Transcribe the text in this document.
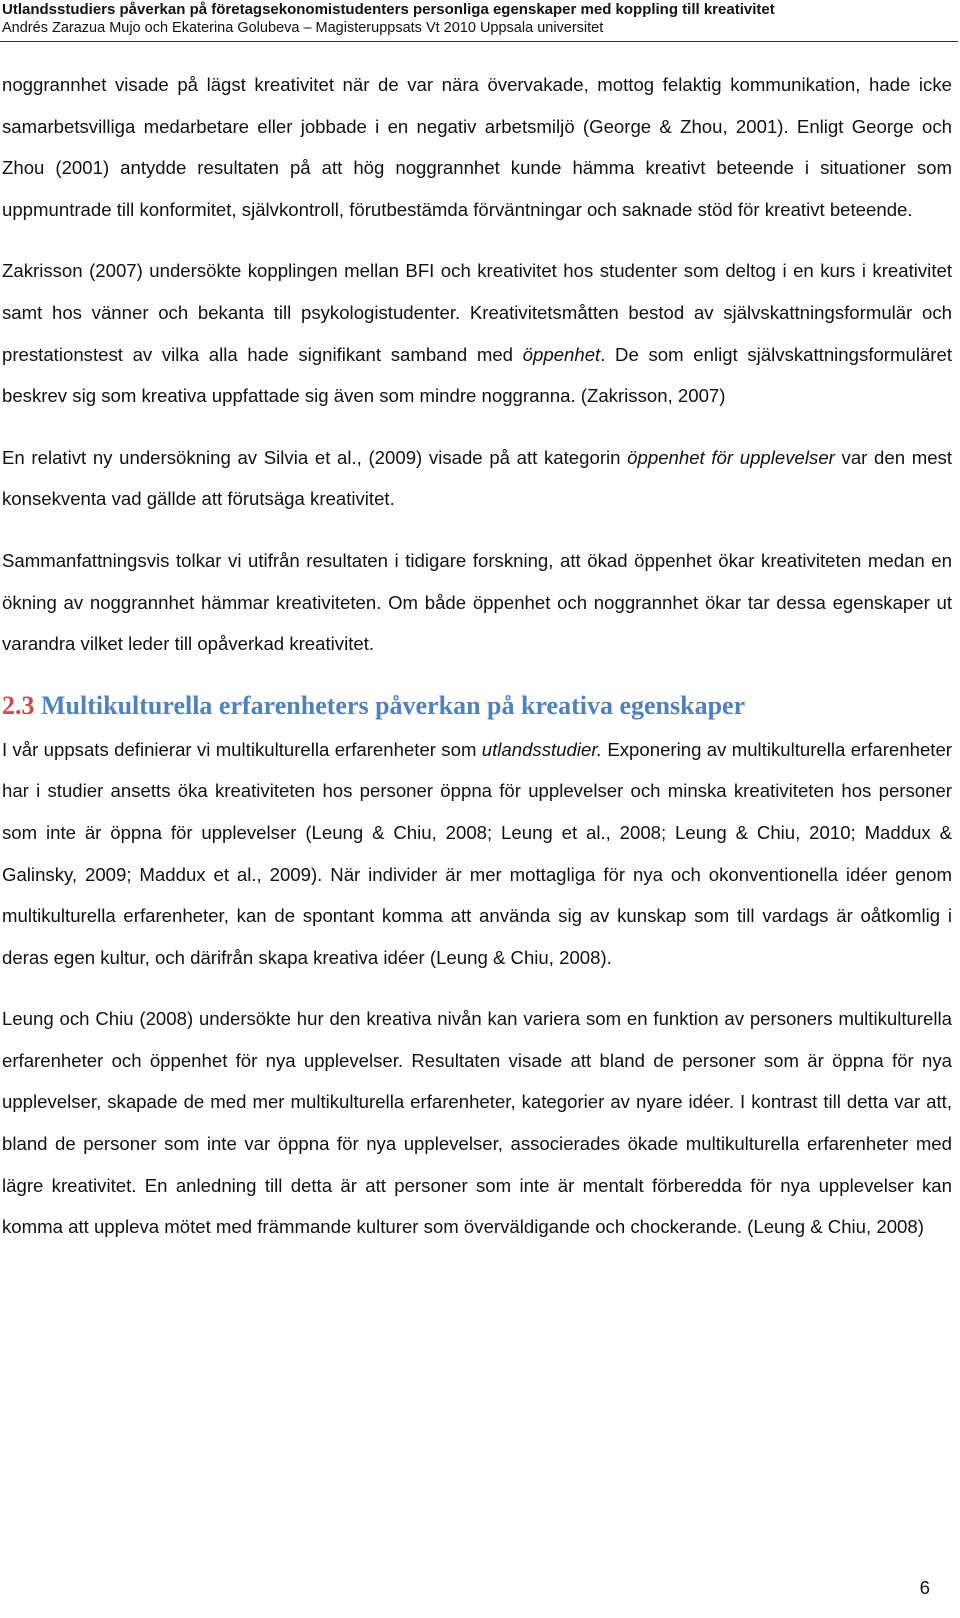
Utlandsstudiers påverkan på företagsekonomistudenters personliga egenskaper med koppling till kreativitet
Andrés Zarazua Mujo och Ekaterina Golubeva – Magisteruppsats Vt 2010 Uppsala universitet

noggrannhet visade på lägst kreativitet när de var nära övervakade, mottog felaktig kommunikation, hade icke samarbetsvilliga medarbetare eller jobbade i en negativ arbetsmiljö (George & Zhou, 2001). Enligt George och Zhou (2001) antydde resultaten på att hög noggrannhet kunde hämma kreativt beteende i situationer som uppmuntrade till konformitet, självkontroll, förutbestämda förväntningar och saknade stöd för kreativt beteende.

Zakrisson (2007) undersökte kopplingen mellan BFI och kreativitet hos studenter som deltog i en kurs i kreativitet samt hos vänner och bekanta till psykologistudenter. Kreativitetsmåtten bestod av självskattningsformulär och prestationstest av vilka alla hade signifikant samband med öppenhet. De som enligt självskattningsformuläret beskrev sig som kreativa uppfattade sig även som mindre noggranna. (Zakrisson, 2007)

En relativt ny undersökning av Silvia et al., (2009) visade på att kategorin öppenhet för upplevelser var den mest konsekventa vad gällde att förutsäga kreativitet.

Sammanfattningsvis tolkar vi utifrån resultaten i tidigare forskning, att ökad öppenhet ökar kreativiteten medan en ökning av noggrannhet hämmar kreativiteten. Om både öppenhet och noggrannhet ökar tar dessa egenskaper ut varandra vilket leder till opåverkad kreativitet.

2.3 Multikulturella erfarenheters påverkan på kreativa egenskaper

I vår uppsats definierar vi multikulturella erfarenheter som utlandsstudier. Exponering av multikulturella erfarenheter har i studier ansetts öka kreativiteten hos personer öppna för upplevelser och minska kreativiteten hos personer som inte är öppna för upplevelser (Leung & Chiu, 2008; Leung et al., 2008; Leung & Chiu, 2010; Maddux & Galinsky, 2009; Maddux et al., 2009). När individer är mer mottagliga för nya och okonventionella idéer genom multikulturella erfarenheter, kan de spontant komma att använda sig av kunskap som till vardags är oåtkomlig i deras egen kultur, och därifrån skapa kreativa idéer (Leung & Chiu, 2008).

Leung och Chiu (2008) undersökte hur den kreativa nivån kan variera som en funktion av personers multikulturella erfarenheter och öppenhet för nya upplevelser. Resultaten visade att bland de personer som är öppna för nya upplevelser, skapade de med mer multikulturella erfarenheter, kategorier av nyare idéer. I kontrast till detta var att, bland de personer som inte var öppna för nya upplevelser, associerades ökade multikulturella erfarenheter med lägre kreativitet. En anledning till detta är att personer som inte är mentalt förberedda för nya upplevelser kan komma att uppleva mötet med främmande kulturer som överväldigande och chockerande. (Leung & Chiu, 2008)

6
